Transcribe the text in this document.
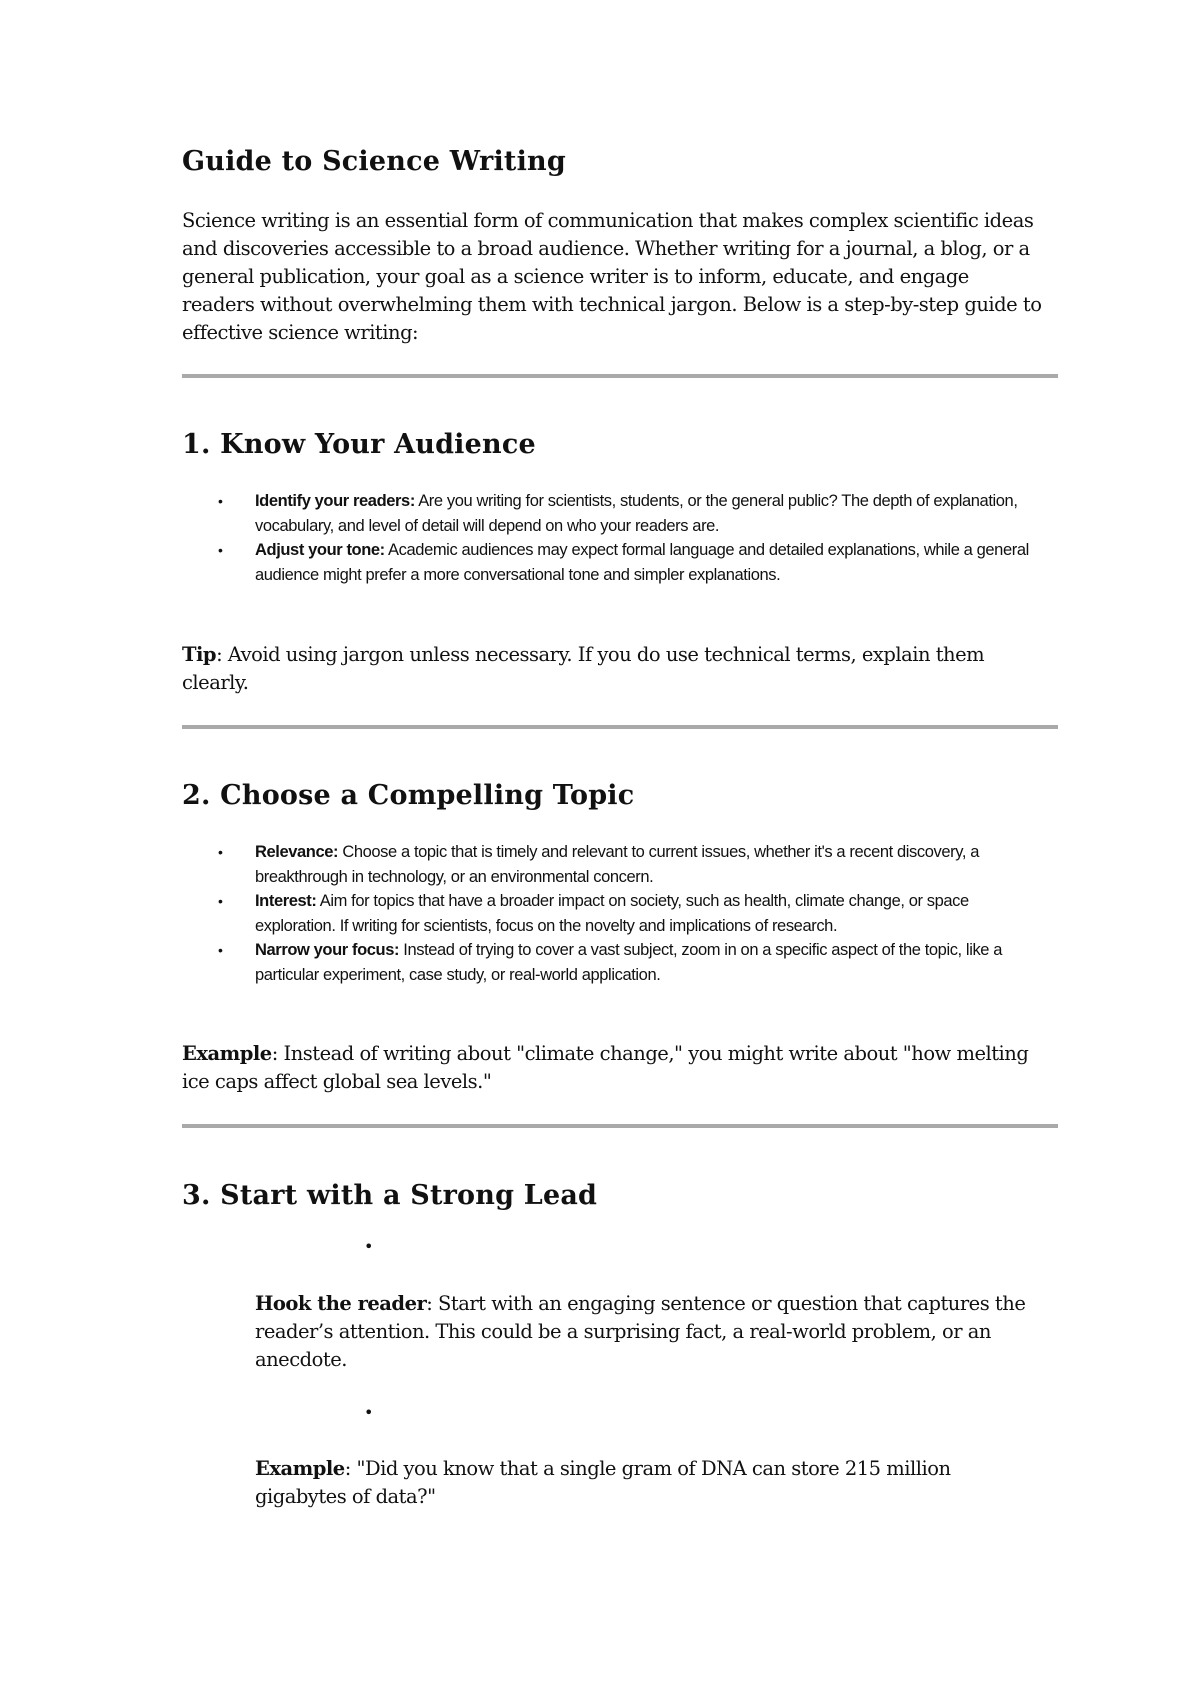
Guide to Science Writing

Science writing is an essential form of communication that makes complex scientific ideas and discoveries accessible to a broad audience. Whether writing for a journal, a blog, or a general publication, your goal as a science writer is to inform, educate, and engage readers without overwhelming them with technical jargon. Below is a step-by-step guide to effective science writing:

1. Know Your Audience
• Identify your readers: Are you writing for scientists, students, or the general public? The depth of explanation, vocabulary, and level of detail will depend on who your readers are.
• Adjust your tone: Academic audiences may expect formal language and detailed explanations, while a general audience might prefer a more conversational tone and simpler explanations.

Tip: Avoid using jargon unless necessary. If you do use technical terms, explain them clearly.

2. Choose a Compelling Topic
• Relevance: Choose a topic that is timely and relevant to current issues, whether it's a recent discovery, a breakthrough in technology, or an environmental concern.
• Interest: Aim for topics that have a broader impact on society, such as health, climate change, or space exploration. If writing for scientists, focus on the novelty and implications of research.
• Narrow your focus: Instead of trying to cover a vast subject, zoom in on a specific aspect of the topic, like a particular experiment, case study, or real-world application.

Example: Instead of writing about "climate change," you might write about "how melting ice caps affect global sea levels."

3. Start with a Strong Lead
•

Hook the reader: Start with an engaging sentence or question that captures the reader’s attention. This could be a surprising fact, a real-world problem, or an anecdote.

•

Example: "Did you know that a single gram of DNA can store 215 million gigabytes of data?"
